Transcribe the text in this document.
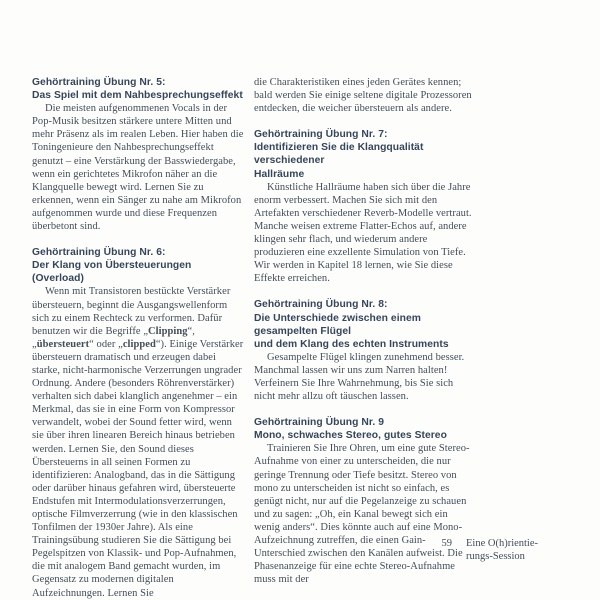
Gehörtraining Übung Nr. 5:
Das Spiel mit dem Nahbesprechungseffekt

Die meisten aufgenommenen Vocals in der Pop-Musik besitzen stärkere untere Mitten und mehr Präsenz als im realen Leben. Hier haben die Toningenieure den Nahbesprechungseffekt genutzt – eine Verstärkung der Basswiedergabe, wenn ein gerichtetes Mikrofon näher an die Klangquelle bewegt wird. Lernen Sie zu erkennen, wenn ein Sänger zu nahe am Mikrofon aufgenommen wurde und diese Frequenzen überbetont sind.

Gehörtraining Übung Nr. 6:
Der Klang von Übersteuerungen (Overload)

Wenn mit Transistoren bestückte Verstärker übersteuern, beginnt die Ausgangswellenform sich zu einem Rechteck zu verformen. Dafür benutzen wir die Begriffe „Clipping“, „übersteuert“ oder „clipped“). Einige Verstärker übersteuern dramatisch und erzeugen dabei starke, nicht-harmonische Verzerrungen ungrader Ordnung. Andere (besonders Röhrenverstärker) verhalten sich dabei klanglich angenehmer – ein Merkmal, das sie in eine Form von Kompressor verwandelt, wobei der Sound fetter wird, wenn sie über ihren linearen Bereich hinaus betrieben werden. Lernen Sie, den Sound dieses Übersteuerns in all seinen Formen zu identifizieren: Analogband, das in die Sättigung oder darüber hinaus gefahren wird, übersteuerte Endstufen mit Intermodulationsverzerrungen, optische Filmverzerrung (wie in den klassischen Tonfilmen der 1930er Jahre). Als eine Trainingsübung studieren Sie die Sättigung bei Pegelspitzen von Klassik- und Pop-Aufnahmen, die mit analogem Band gemacht wurden, im Gegensatz zu modernen digitalen Aufzeichnungen. Lernen Sie

die Charakteristiken eines jeden Gerätes kennen; bald werden Sie einige seltene digitale Prozessoren entdecken, die weicher übersteuern als andere.

Gehörtraining Übung Nr. 7:
Identifizieren Sie die Klangqualität verschiedener
Hallräume

Künstliche Hallräume haben sich über die Jahre enorm verbessert. Machen Sie sich mit den Artefakten verschiedener Reverb-Modelle vertraut. Manche weisen extreme Flatter-Echos auf, andere klingen sehr flach, und wiederum andere produzieren eine exzellente Simulation von Tiefe. Wir werden in Kapitel 18 lernen, wie Sie diese Effekte erreichen.

Gehörtraining Übung Nr. 8:
Die Unterschiede zwischen einem gesampelten Flügel
und dem Klang des echten Instruments

Gesampelte Flügel klingen zunehmend besser. Manchmal lassen wir uns zum Narren halten! Verfeinern Sie Ihre Wahrnehmung, bis Sie sich nicht mehr allzu oft täuschen lassen.

Gehörtraining Übung Nr. 9
Mono, schwaches Stereo, gutes Stereo

Trainieren Sie Ihre Ohren, um eine gute Stereo-Aufnahme von einer zu unterscheiden, die nur geringe Trennung oder Tiefe besitzt. Stereo von mono zu unterscheiden ist nicht so einfach, es genügt nicht, nur auf die Pegelanzeige zu schauen und zu sagen: „Oh, ein Kanal bewegt sich ein wenig anders“. Dies könnte auch auf eine Mono-Aufzeichnung zutreffen, die einen Gain-Unterschied zwischen den Kanälen aufweist. Die Phasenanzeige für eine echte Stereo-Aufnahme muss mit der

59 Eine O(h)rientie-
rungs-Session
